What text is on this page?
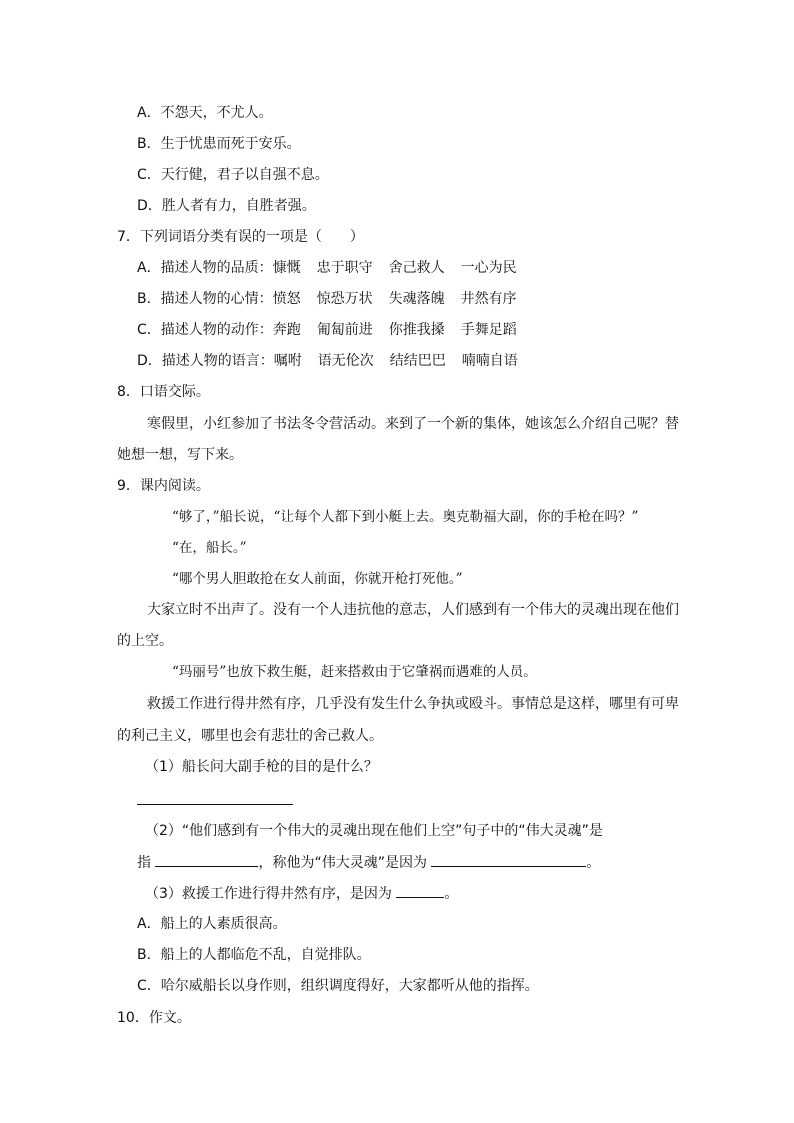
A．不怨天，不尤人。
B．生于忧患而死于安乐。
C．天行健，君子以自强不息。
D．胜人者有力，自胜者强。
7．下列词语分类有误的一项是（　　）
A．描述人物的品质：慷慨 忠于职守 舍己救人 一心为民
B．描述人物的心情：愤怒 惊恐万状 失魂落魄 井然有序
C．描述人物的动作：奔跑 匍匐前进 你推我搡 手舞足蹈
D．描述人物的语言：嘱咐 语无伦次 结结巴巴 喃喃自语
8．口语交际。
寒假里，小红参加了书法冬令营活动。来到了一个新的集体，她该怎么介绍自己呢？替
她想一想，写下来。
9．课内阅读。
“够了，”船长说，“让每个人都下到小艇上去。奥克勒福大副，你的手枪在吗？”
“在，船长。”
“哪个男人胆敢抢在女人前面，你就开枪打死他。”
大家立时不出声了。没有一个人违抗他的意志，人们感到有一个伟大的灵魂出现在他们
的上空。
“玛丽号”也放下救生艇，赶来搭救由于它肇祸而遇难的人员。
救援工作进行得井然有序，几乎没有发生什么争执或殴斗。事情总是这样，哪里有可卑
的利己主义，哪里也会有悲壮的舍己救人。
（1）船长问大副手枪的目的是什么？
（2）“他们感到有一个伟大的灵魂出现在他们上空”句子中的“伟大灵魂”是
指	，称他为“伟大灵魂”是因为	。
（3）救援工作进行得井然有序，是因为	。
A．船上的人素质很高。
B．船上的人都临危不乱，自觉排队。
C．哈尔威船长以身作则，组织调度得好，大家都听从他的指挥。
10．作文。
